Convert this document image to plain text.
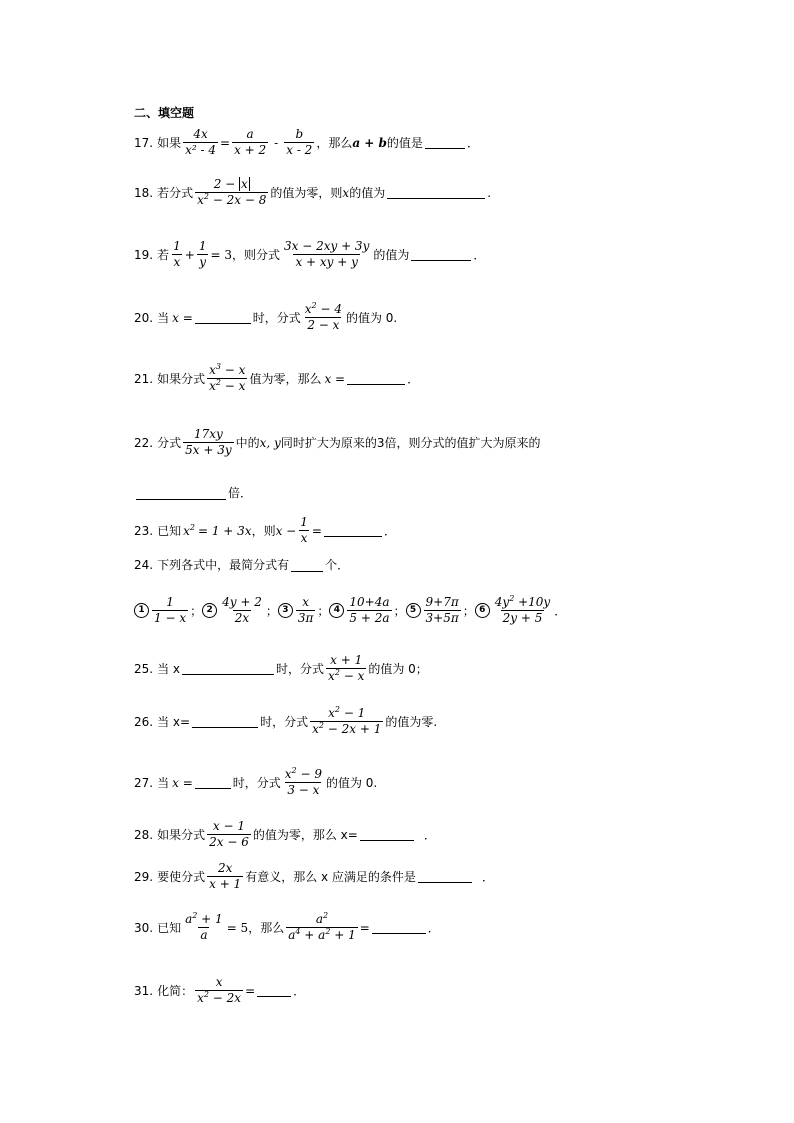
二、填空题
17. 如果 $\frac{4x}{\text{x² - 4}} = \frac{a}{x + 2} - \frac{b}{x - 2}$ ，那么 a + b 的值是	．
18. 若分式 $\frac{2 - x}{x^2 - 2x - 8}$ 的值为零，则 x 的值为	.
19. 若 $\frac{1}{x} + \frac{1}{y} = 3$ ，则分式 $\frac{3x - 2xy + 3y}{x + xy + y}$ 的值为	．
20. 当 x =	时，分式 $\frac{x^2 - 4}{2 - x}$ 的值为 0.
21. 如果分式 $\frac{x^3 - x}{x^2 - x}$ 值为零，那么 x =	．
22. 分式 $\frac{17xy}{5x + 3y}$ 中的 x, y 同时扩大为原来的3倍，则分式的值扩大为原来的
倍．
23. 已知 $x^2 = 1 + 3x$ ，则 $x - \frac{1}{x}$ =	．
24. 下列各式中，最简分式有	个．
$1 \frac{1}{1 - x}$ ； $2 \frac{4y + 2}{2x}$ ； $3 \frac{x}{3\pi}$ ； $4 \frac{10+4a}{5 + 2a}$ ； $5 \frac{9+7\pi}{3+5\pi}$ ； $6 \frac{4y^2 +10y}{2y + 5}$ ．
25. 当 x	时，分式 $\frac{x + 1}{x^2 - x}$ 的值为 0；
26. 当 x=	时，分式 $\frac{x^2 - 1}{x^2 - 2x + 1}$ 的值为零.
27. 当 x =	时，分式 $\frac{x^2 - 9}{3 - x}$ 的值为 0.
28. 如果分式 $\frac{x - 1}{2x - 6}$ 的值为零，那么 x=	．
29. 要使分式 $\frac{2x}{x + 1}$ 有意义，那么 x 应满足的条件是	．
30. 已知 $\frac{a^2 + 1}{a} = 5$ ，那么 $\frac{a^2}{a^4 + a^2 + 1}$ =	．
31. 化简： $\frac{x}{x^2 - 2x}$ =	．
